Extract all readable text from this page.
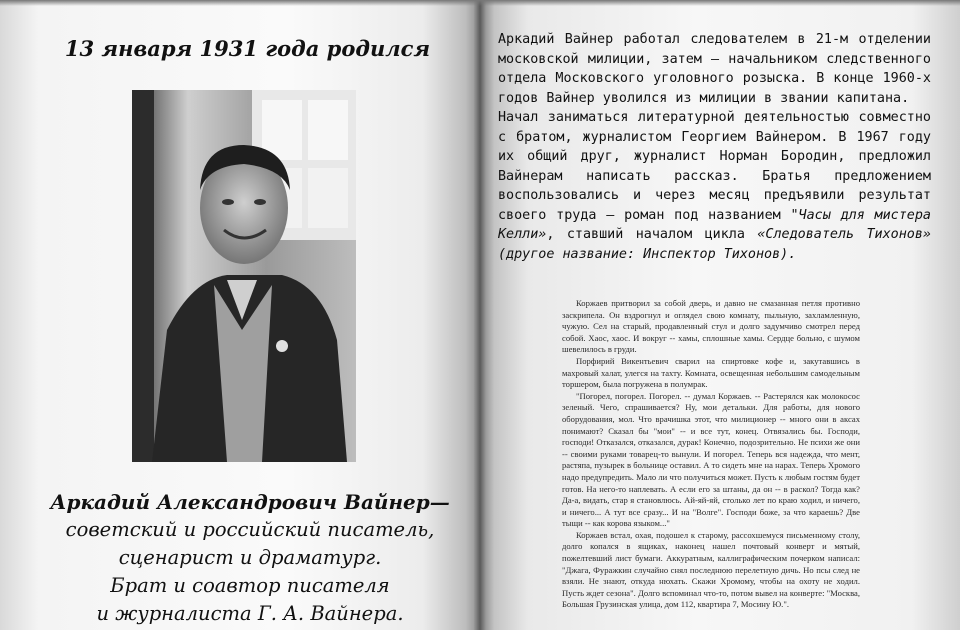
13 января 1931 года родился
Аркадий Александрович Вайнер—
советский и российский писатель,
сценарист и драматург.
Брат и соавтор писателя
и журналиста Г. А. Вайнера.

Аркадий Вайнер работал следователем в 21-м отделении московской милиции, затем — начальником следственного отдела Московского уголовного розыска. В конце 1960-х годов Вайнер уволился из милиции в звании капитана.

Начал заниматься литературной деятельностью совместно с братом, журналистом Георгием Вайнером. В 1967 году их общий друг, журналист Норман Бородин, предложил Вайнерам написать рассказ. Братья предложением воспользовались и через месяц предъявили результат своего труда — роман под названием "Часы для мистера Келли», ставший началом цикла «Следователь Тихонов» (другое название: Инспектор Тихонов).

Коржаев притворил за собой дверь, и давно не смазанная петля противно заскрипела. Он вздрогнул и оглядел свою комнату, пыльную, захламленную, чужую. Сел на старый, продавленный стул и долго задумчиво смотрел перед собой. Хаос, хаос. И вокруг -- хамы, сплошные хамы. Сердце больно, с шумом шевелилось в груди.

Порфирий Викентьевич сварил на спиртовке кофе и, закутавшись в махровый халат, улегся на тахту. Комната, освещенная небольшим самодельным торшером, была погружена в полумрак.

"Погорел, погорел. Погорел. -- думал Коржаев. -- Растерялся как молокосос зеленый. Чего, спрашивается? Ну, мои детальки. Для работы, для нового оборудования, мол. Что врачишка этот, что милиционер -- много они в аксах понимают? Сказал бы "мои" -- и все тут, конец. Отвязались бы. Господи, господи! Отказался, отказался, дурак! Конечно, подозрительно. Не психи же они -- своими руками товарец-то вынули. И погорел. Теперь вся надежда, что мент, растяпа, пузырек в больнице оставил. А то сидеть мне на нарах. Теперь Хромого надо предупредить. Мало ли что получиться может. Пусть к любым гостям будет готов. На него-то наплевать. А если его за штаны, да он -- в раскол? Тогда как? Да-а, видать, стар я становлюсь. Ай-яй-яй, столько лет по краю ходил, и ничего, и ничего... А тут все сразу... И на "Волге". Господи боже, за что караешь? Две тыщи -- как корова языком..."

Коржаев встал, охая, подошел к старому, рассохшемуся письменному столу, долго копался в ящиках, наконец нашел почтовый конверт и мятый, пожелтевший лист бумаги. Аккуратным, каллиграфическим почерком написал: "Джага, Фуражкин случайно снял последнюю перелетную дичь. Но псы след не взяли. Не знают, откуда нюхать. Скажи Хромому, чтобы на охоту не ходил. Пусть ждет сезона". Долго вспоминал что-то, потом вывел на конверте: "Москва, Большая Грузинская улица, дом 112, квартира 7, Мосину Ю.".
